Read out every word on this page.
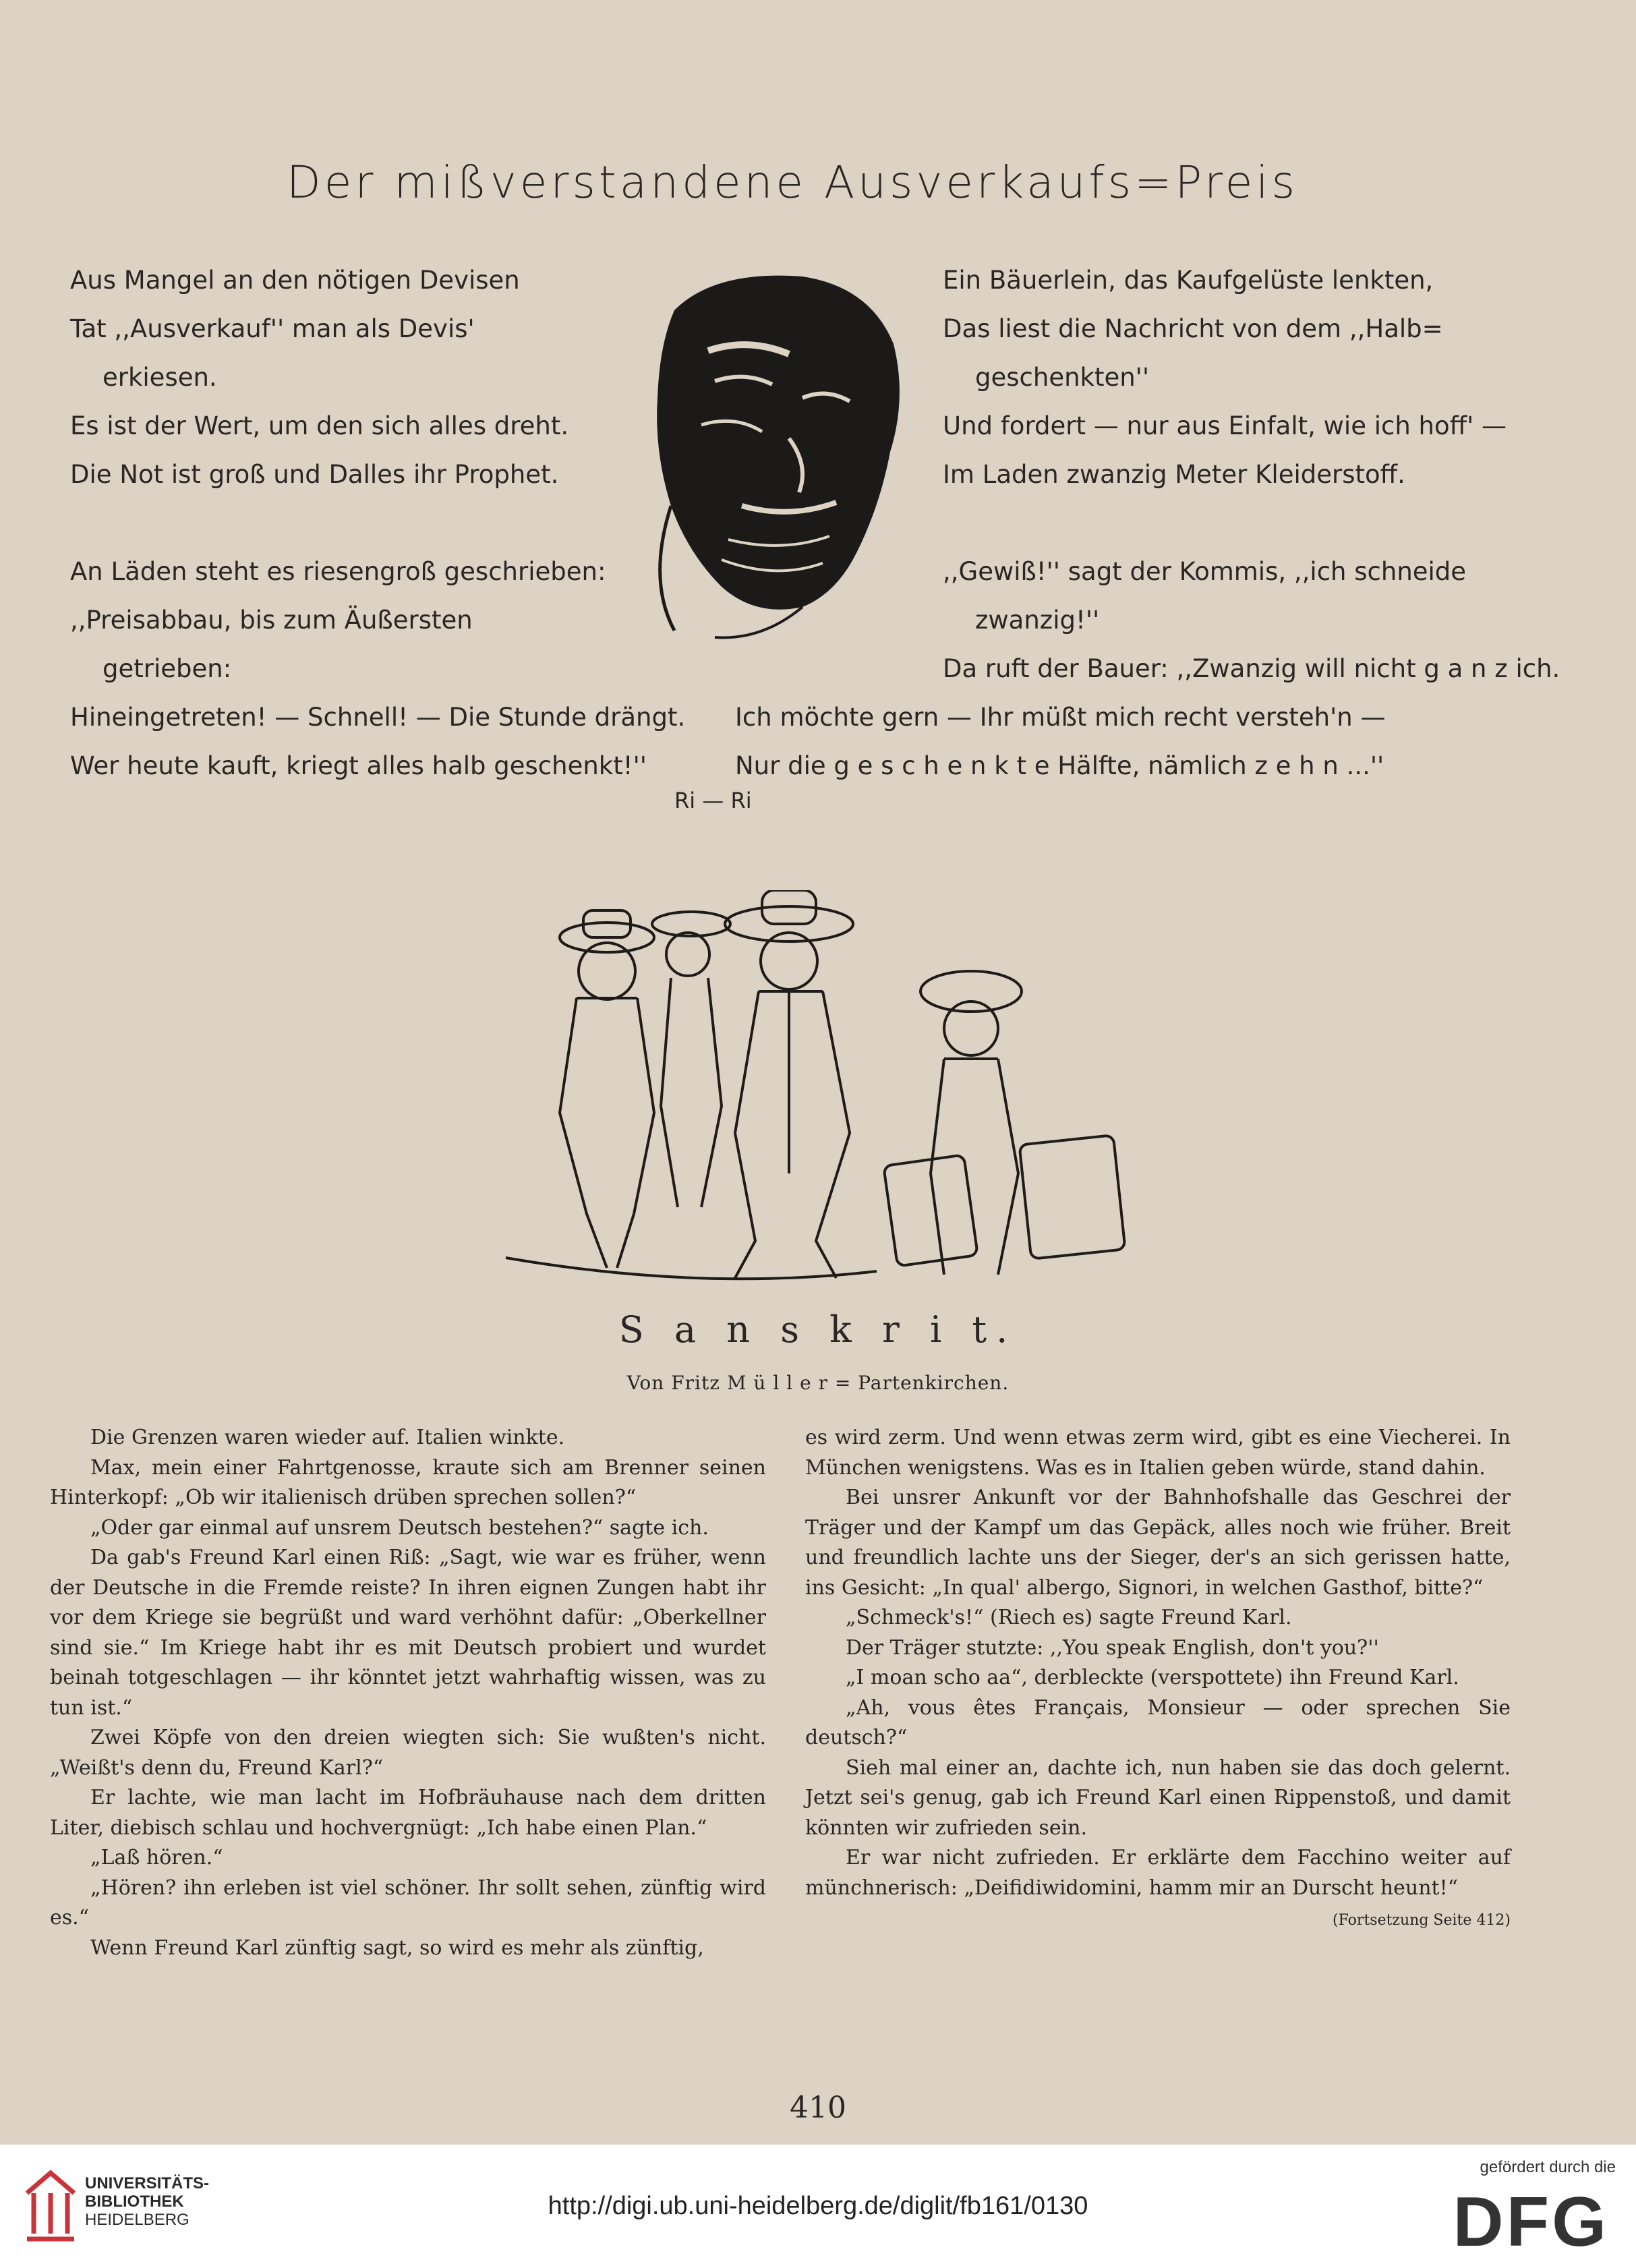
Der mißverstandene Ausverkaufs=Preis
Aus Mangel an den nötigen Devisen
Tat ,,Ausverkauf'' man als Devis'
erkiesen.
Es ist der Wert, um den sich alles dreht.
Die Not ist groß und Dalles ihr Prophet.
An Läden steht es riesengroß geschrieben:
,,Preisabbau, bis zum Äußersten
getrieben:
Hineingetreten! — Schnell! — Die Stunde drängt.
Wer heute kauft, kriegt alles halb geschenkt!''
Ein Bäuerlein, das Kaufgelüste lenkten,
Das liest die Nachricht von dem ,,Halb=
geschenkten''
Und fordert — nur aus Einfalt, wie ich hoff' —
Im Laden zwanzig Meter Kleiderstoff.
,,Gewiß!'' sagt der Kommis, ,,ich schneide
zwanzig!''
Da ruft der Bauer: ,,Zwanzig will nicht g a n z ich.
Ich möchte gern — Ihr müßt mich recht versteh'n —
Nur die g e s c h e n k t e Hälfte, nämlich z e h n ...''
Ri — Ri
S a n s k r i t.
Von Fritz M ü l l e r = Partenkirchen.

Die Grenzen waren wieder auf. Italien winkte.

Max, mein einer Fahrtgenosse, kraute sich am Brenner seinen Hinterkopf: „Ob wir italienisch drüben sprechen sollen?“

„Oder gar einmal auf unsrem Deutsch bestehen?“ sagte ich.

Da gab's Freund Karl einen Riß: „Sagt, wie war es früher, wenn der Deutsche in die Fremde reiste? In ihren eignen Zungen habt ihr vor dem Kriege sie begrüßt und ward verhöhnt dafür: „Oberkellner sind sie.“ Im Kriege habt ihr es mit Deutsch probiert und wurdet beinah totgeschlagen — ihr könntet jetzt wahrhaftig wissen, was zu tun ist.“

Zwei Köpfe von den dreien wiegten sich: Sie wußten's nicht. „Weißt's denn du, Freund Karl?“

Er lachte, wie man lacht im Hofbräuhause nach dem dritten Liter, diebisch schlau und hochvergnügt: „Ich habe einen Plan.“

„Laß hören.“

„Hören? ihn erleben ist viel schöner. Ihr sollt sehen, zünftig wird es.“

Wenn Freund Karl zünftig sagt, so wird es mehr als zünftig,

es wird zerm. Und wenn etwas zerm wird, gibt es eine Viecherei. In München wenigstens. Was es in Italien geben würde, stand dahin.

Bei unsrer Ankunft vor der Bahnhofshalle das Geschrei der Träger und der Kampf um das Gepäck, alles noch wie früher. Breit und freundlich lachte uns der Sieger, der's an sich gerissen hatte, ins Gesicht: „In qual' albergo, Signori, in welchen Gasthof, bitte?“

„Schmeck's!“ (Riech es) sagte Freund Karl.

Der Träger stutzte: ,,You speak English, don't you?''

„I moan scho aa“, derbleckte (verspottete) ihn Freund Karl.

„Ah, vous êtes Français, Monsieur — oder sprechen Sie deutsch?“

Sieh mal einer an, dachte ich, nun haben sie das doch gelernt. Jetzt sei's genug, gab ich Freund Karl einen Rippenstoß, und damit könnten wir zufrieden sein.

Er war nicht zufrieden. Er erklärte dem Facchino weiter auf münchnerisch: „Deifidiwidomini, hamm mir an Durscht heunt!“

(Fortsetzung Seite 412)
410
UNIVERSITÄTS-
BIBLIOTHEK
HEIDELBERG	http://digi.ub.uni-heidelberg.de/diglit/fb161/0130
gefördert durch die
DFG
